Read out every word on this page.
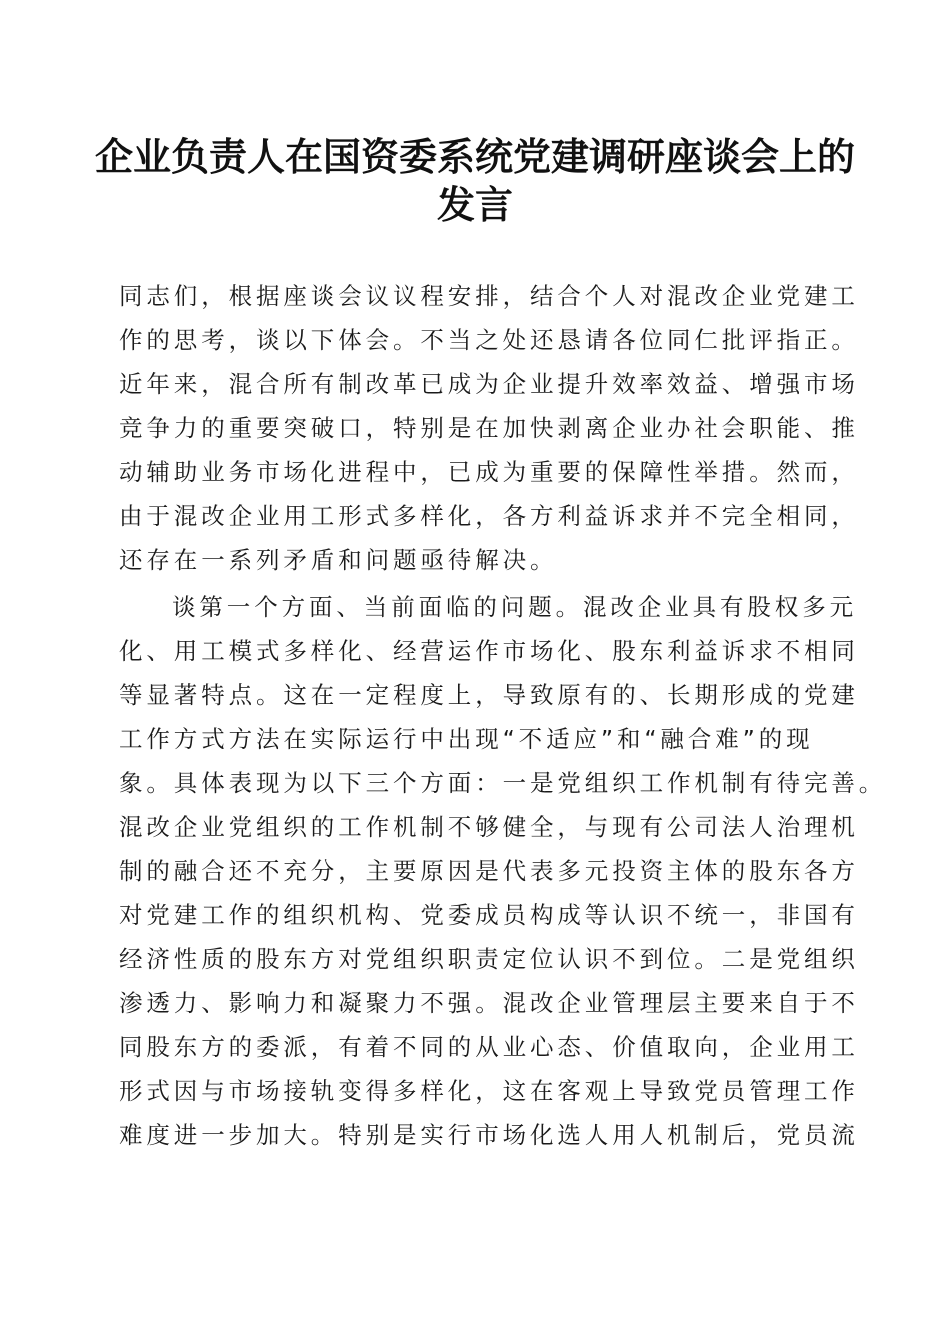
企业负责人在国资委系统党建调研座谈会上的
发言

同志们，根据座谈会议议程安排，结合个人对混改企业党建工

作的思考，谈以下体会。不当之处还恳请各位同仁批评指正。

近年来，混合所有制改革已成为企业提升效率效益、增强市场

竞争力的重要突破口，特别是在加快剥离企业办社会职能、推

动辅助业务市场化进程中，已成为重要的保障性举措。然而，

由于混改企业用工形式多样化，各方利益诉求并不完全相同，

还存在一系列矛盾和问题亟待解决。

谈第一个方面、当前面临的问题。混改企业具有股权多元

化、用工模式多样化、经营运作市场化、股东利益诉求不相同

等显著特点。这在一定程度上，导致原有的、长期形成的党建

工作方式方法在实际运行中出现“不适应”和“融合难”的现

象。具体表现为以下三个方面：一是党组织工作机制有待完善。

混改企业党组织的工作机制不够健全，与现有公司法人治理机

制的融合还不充分，主要原因是代表多元投资主体的股东各方

对党建工作的组织机构、党委成员构成等认识不统一，非国有

经济性质的股东方对党组织职责定位认识不到位。二是党组织

渗透力、影响力和凝聚力不强。混改企业管理层主要来自于不

同股东方的委派，有着不同的从业心态、价值取向，企业用工

形式因与市场接轨变得多样化，这在客观上导致党员管理工作

难度进一步加大。特别是实行市场化选人用人机制后，党员流
